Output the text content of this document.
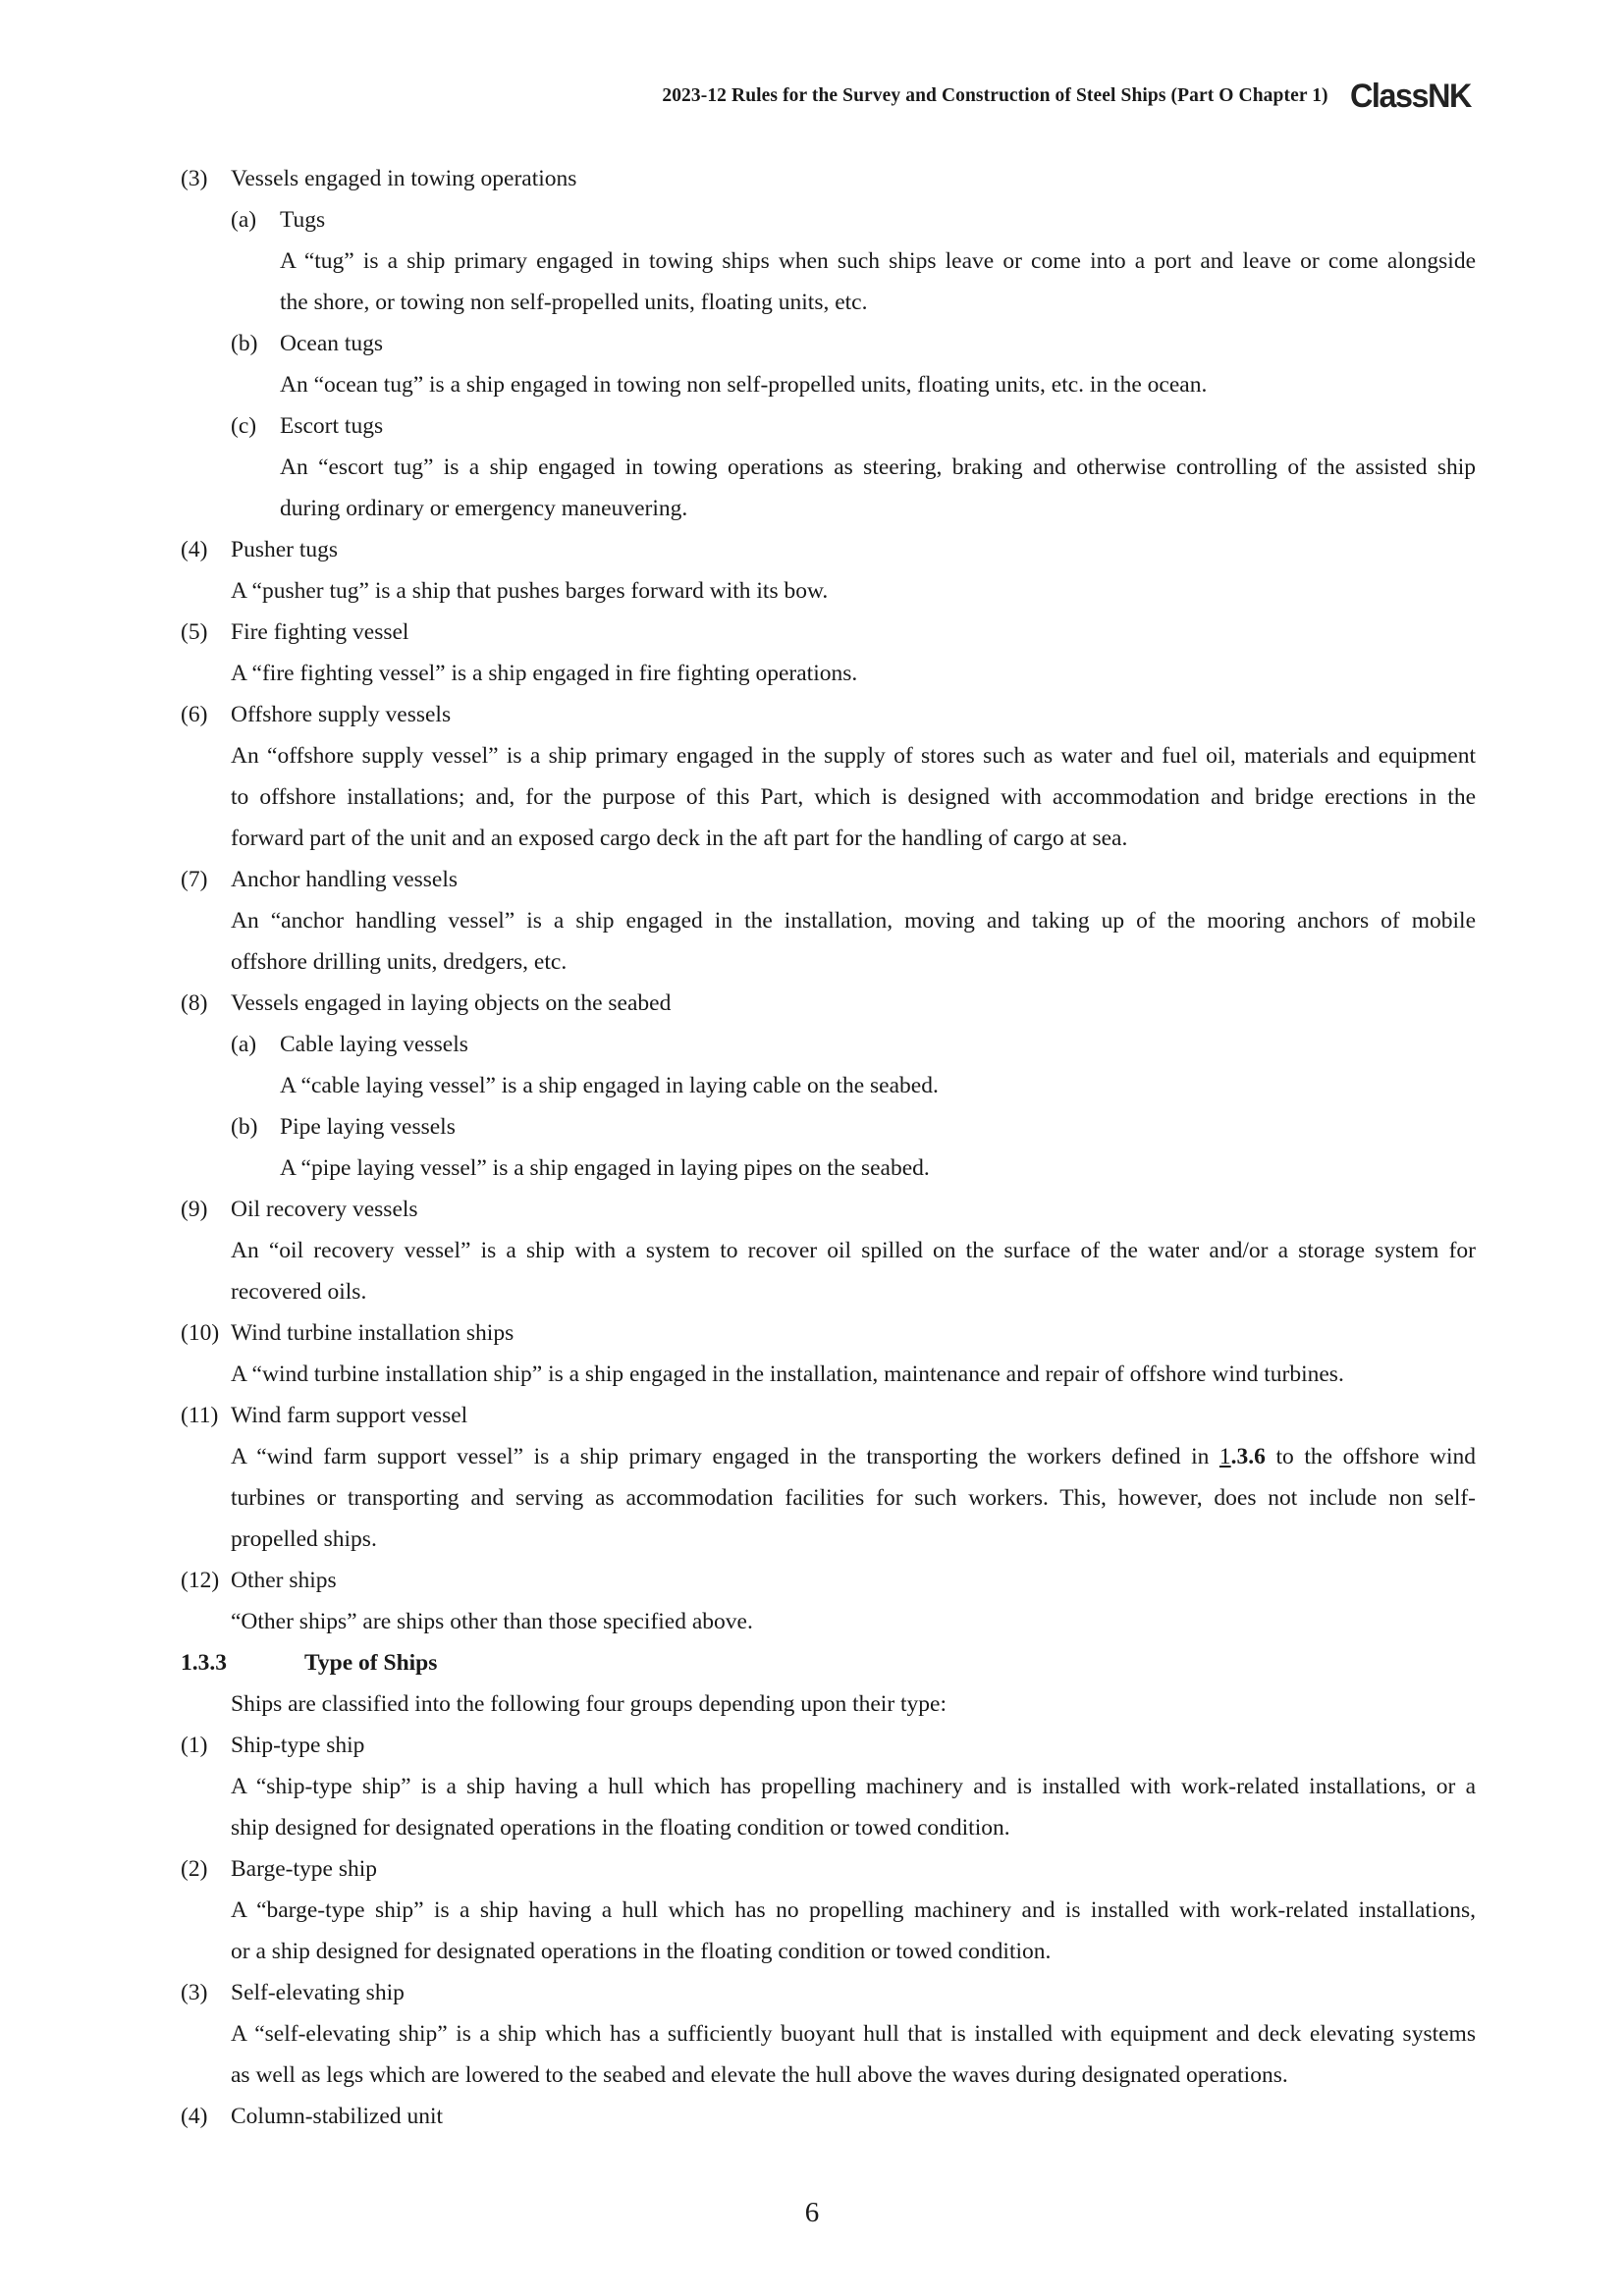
2023-12 Rules for the Survey and Construction of Steel Ships (Part O Chapter 1) ClassNK
(3) Vessels engaged in towing operations
(a) Tugs
A “tug” is a ship primary engaged in towing ships when such ships leave or come into a port and leave or come alongside
the shore, or towing non self-propelled units, floating units, etc.
(b) Ocean tugs
An “ocean tug” is a ship engaged in towing non self-propelled units, floating units, etc. in the ocean.
(c) Escort tugs
An “escort tug” is a ship engaged in towing operations as steering, braking and otherwise controlling of the assisted ship
during ordinary or emergency maneuvering.
(4) Pusher tugs
A “pusher tug” is a ship that pushes barges forward with its bow.
(5) Fire fighting vessel
A “fire fighting vessel” is a ship engaged in fire fighting operations.
(6) Offshore supply vessels
An “offshore supply vessel” is a ship primary engaged in the supply of stores such as water and fuel oil, materials and equipment
to offshore installations; and, for the purpose of this Part, which is designed with accommodation and bridge erections in the
forward part of the unit and an exposed cargo deck in the aft part for the handling of cargo at sea.
(7) Anchor handling vessels
An “anchor handling vessel” is a ship engaged in the installation, moving and taking up of the mooring anchors of mobile
offshore drilling units, dredgers, etc.
(8) Vessels engaged in laying objects on the seabed
(a) Cable laying vessels
A “cable laying vessel” is a ship engaged in laying cable on the seabed.
(b) Pipe laying vessels
A “pipe laying vessel” is a ship engaged in laying pipes on the seabed.
(9) Oil recovery vessels
An “oil recovery vessel” is a ship with a system to recover oil spilled on the surface of the water and/or a storage system for
recovered oils.
(10) Wind turbine installation ships
A “wind turbine installation ship” is a ship engaged in the installation, maintenance and repair of offshore wind turbines.
(11) Wind farm support vessel
A “wind farm support vessel” is a ship primary engaged in the transporting the workers defined in 1.3.6 to the offshore wind
turbines or transporting and serving as accommodation facilities for such workers. This, however, does not include non self-
propelled ships.
(12) Other ships
“Other ships” are ships other than those specified above.
1.3.3	Type of Ships
Ships are classified into the following four groups depending upon their type:
(1) Ship-type ship
A “ship-type ship” is a ship having a hull which has propelling machinery and is installed with work-related installations, or a
ship designed for designated operations in the floating condition or towed condition.
(2) Barge-type ship
A “barge-type ship” is a ship having a hull which has no propelling machinery and is installed with work-related installations,
or a ship designed for designated operations in the floating condition or towed condition.
(3) Self-elevating ship
A “self-elevating ship” is a ship which has a sufficiently buoyant hull that is installed with equipment and deck elevating systems
as well as legs which are lowered to the seabed and elevate the hull above the waves during designated operations.
(4) Column-stabilized unit
6
